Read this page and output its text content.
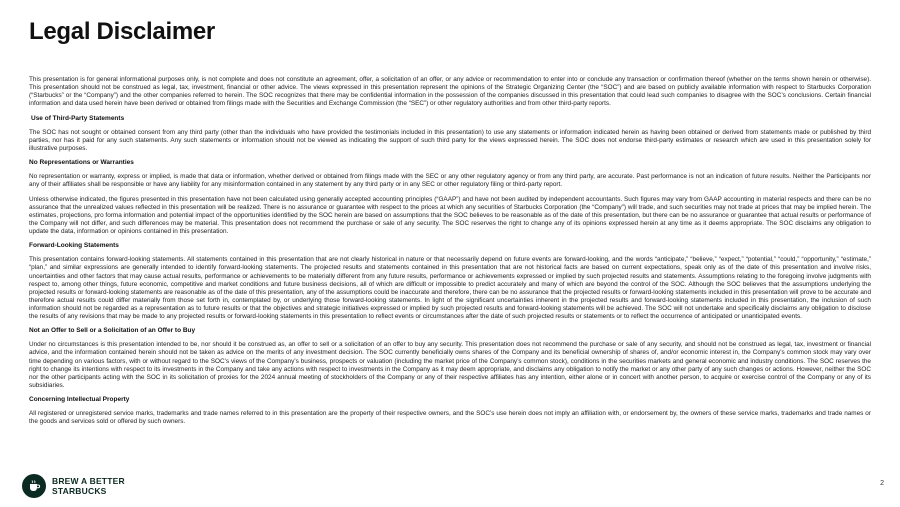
Legal Disclaimer

This presentation is for general informational purposes only, is not complete and does not constitute an agreement, offer, a solicitation of an offer, or any advice or recommendation to enter into or conclude any transaction or confirmation thereof (whether on the terms shown herein or otherwise). This presentation should not be construed as legal, tax, investment, financial or other advice. The views expressed in this presentation represent the opinions of the Strategic Organizing Center (the “SOC”) and are based on publicly available information with respect to Starbucks Corporation (“Starbucks” or the “Company”) and the other companies referred to herein. The SOC recognizes that there may be confidential information in the possession of the companies discussed in this presentation that could lead such companies to disagree with the SOC’s conclusions. Certain financial information and data used herein have been derived or obtained from filings made with the Securities and Exchange Commission (the “SEC”) or other regulatory authorities and from other third-party reports.

Use of Third-Party Statements

The SOC has not sought or obtained consent from any third party (other than the individuals who have provided the testimonials included in this presentation) to use any statements or information indicated herein as having been obtained or derived from statements made or published by third parties, nor has it paid for any such statements. Any such statements or information should not be viewed as indicating the support of such third party for the views expressed herein. The SOC does not endorse third-party estimates or research which are used in this presentation solely for illustrative purposes.

No Representations or Warranties

No representation or warranty, express or implied, is made that data or information, whether derived or obtained from filings made with the SEC or any other regulatory agency or from any third party, are accurate. Past performance is not an indication of future results. Neither the Participants nor any of their affiliates shall be responsible or have any liability for any misinformation contained in any statement by any third party or in any SEC or other regulatory filing or third-party report.

Unless otherwise indicated, the figures presented in this presentation have not been calculated using generally accepted accounting principles (“GAAP”) and have not been audited by independent accountants. Such figures may vary from GAAP accounting in material respects and there can be no assurance that the unrealized values reflected in this presentation will be realized. There is no assurance or guarantee with respect to the prices at which any securities of Starbucks Corporation (the “Company”) will trade, and such securities may not trade at prices that may be implied herein. The estimates, projections, pro forma information and potential impact of the opportunities identified by the SOC herein are based on assumptions that the SOC believes to be reasonable as of the date of this presentation, but there can be no assurance or guarantee that actual results or performance of the Company will not differ, and such differences may be material. This presentation does not recommend the purchase or sale of any security. The SOC reserves the right to change any of its opinions expressed herein at any time as it deems appropriate. The SOC disclaims any obligation to update the data, information or opinions contained in this presentation.

Forward-Looking Statements

This presentation contains forward-looking statements. All statements contained in this presentation that are not clearly historical in nature or that necessarily depend on future events are forward-looking, and the words “anticipate,” “believe,” “expect,” “potential,” “could,” “opportunity,” “estimate,” “plan,” and similar expressions are generally intended to identify forward-looking statements. The projected results and statements contained in this presentation that are not historical facts are based on current expectations, speak only as of the date of this presentation and involve risks, uncertainties and other factors that may cause actual results, performance or achievements to be materially different from any future results, performance or achievements expressed or implied by such projected results and statements. Assumptions relating to the foregoing involve judgments with respect to, among other things, future economic, competitive and market conditions and future business decisions, all of which are difficult or impossible to predict accurately and many of which are beyond the control of the SOC. Although the SOC believes that the assumptions underlying the projected results or forward-looking statements are reasonable as of the date of this presentation, any of the assumptions could be inaccurate and therefore, there can be no assurance that the projected results or forward-looking statements included in this presentation will prove to be accurate and therefore actual results could differ materially from those set forth in, contemplated by, or underlying those forward-looking statements. In light of the significant uncertainties inherent in the projected results and forward-looking statements included in this presentation, the inclusion of such information should not be regarded as a representation as to future results or that the objectives and strategic initiatives expressed or implied by such projected results and forward-looking statements will be achieved. The SOC will not undertake and specifically disclaims any obligation to disclose the results of any revisions that may be made to any projected results or forward-looking statements in this presentation to reflect events or circumstances after the date of such projected results or statements or to reflect the occurrence of anticipated or unanticipated events.

Not an Offer to Sell or a Solicitation of an Offer to Buy

Under no circumstances is this presentation intended to be, nor should it be construed as, an offer to sell or a solicitation of an offer to buy any security. This presentation does not recommend the purchase or sale of any security, and should not be construed as legal, tax, investment or financial advice, and the information contained herein should not be taken as advice on the merits of any investment decision. The SOC currently beneficially owns shares of the Company and its beneficial ownership of shares of, and/or economic interest in, the Company’s common stock may vary over time depending on various factors, with or without regard to the SOC’s views of the Company’s business, prospects or valuation (including the market price of the Company’s common stock), conditions in the securities markets and general economic and industry conditions. The SOC reserves the right to change its intentions with respect to its investments in the Company and take any actions with respect to investments in the Company as it may deem appropriate, and disclaims any obligation to notify the market or any other party of any such changes or actions. However, neither the SOC nor the other participants acting with the SOC in its solicitation of proxies for the 2024 annual meeting of stockholders of the Company or any of their respective affiliates has any intention, either alone or in concert with another person, to acquire or exercise control of the Company or any of its subsidiaries.

Concerning Intellectual Property

All registered or unregistered service marks, trademarks and trade names referred to in this presentation are the property of their respective owners, and the SOC’s use herein does not imply an affiliation with, or endorsement by, the owners of these service marks, trademarks and trade names or the goods and services sold or offered by such owners.

BREW A BETTER
STARBUCKS
2
